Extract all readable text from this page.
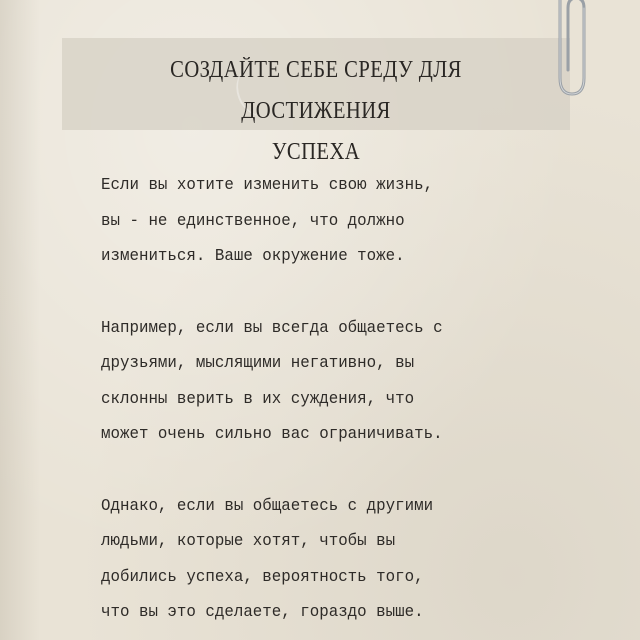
СОЗДАЙТЕ СЕБЕ СРЕДУ ДЛЯ ДОСТИЖЕНИЯ
УСПЕХА

Если вы хотите изменить свою жизнь,
вы - не единственное, что должно
измениться. Ваше окружение тоже.

Например, если вы всегда общаетесь с
друзьями, мыслящими негативно, вы
склонны верить в их суждения, что
может очень сильно вас ограничивать.

Однако, если вы общаетесь с другими
людьми, которые хотят, чтобы вы
добились успеха, вероятность того,
что вы это сделаете, гораздо выше.
